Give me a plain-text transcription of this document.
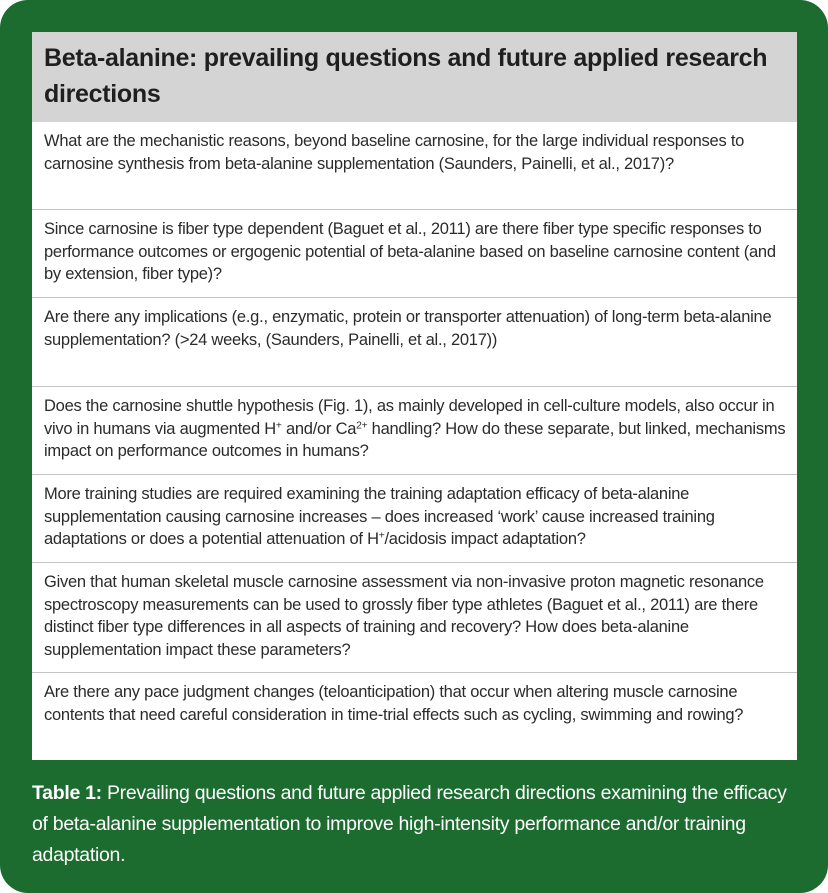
Beta-alanine: prevailing questions and future applied research directions
What are the mechanistic reasons, beyond baseline carnosine, for the large individual responses to carnosine synthesis from beta-alanine supplementation (Saunders, Painelli, et al., 2017)?
Since carnosine is fiber type dependent (Baguet et al., 2011) are there fiber type specific responses to performance outcomes or ergogenic potential of beta-alanine based on baseline carnosine content (and by extension, fiber type)?
Are there any implications (e.g., enzymatic, protein or transporter attenuation) of long-term beta-alanine supplementation? (>24 weeks, (Saunders, Painelli, et al., 2017))
Does the carnosine shuttle hypothesis (Fig. 1), as mainly developed in cell-culture models, also occur in vivo in humans via augmented H+ and/or $Ca^{2+}$ handling? How do these separate, but linked, mechanisms impact on performance outcomes in humans?
More training studies are required examining the training adaptation efficacy of beta-alanine supplementation causing carnosine increases – does increased ‘work’ cause increased training adaptations or does a potential attenuation of H+/acidosis impact adaptation?
Given that human skeletal muscle carnosine assessment via non-invasive proton magnetic resonance spectroscopy measurements can be used to grossly fiber type athletes (Baguet et al., 2011) are there distinct fiber type differences in all aspects of training and recovery? How does beta-alanine supplementation impact these parameters?
Are there any pace judgment changes (teloanticipation) that occur when altering muscle carnosine contents that need careful consideration in time-trial effects such as cycling, swimming and rowing?

Table 1: Prevailing questions and future applied research directions examining the efficacy of beta-alanine supplementation to improve high-intensity performance and/or training adaptation.
